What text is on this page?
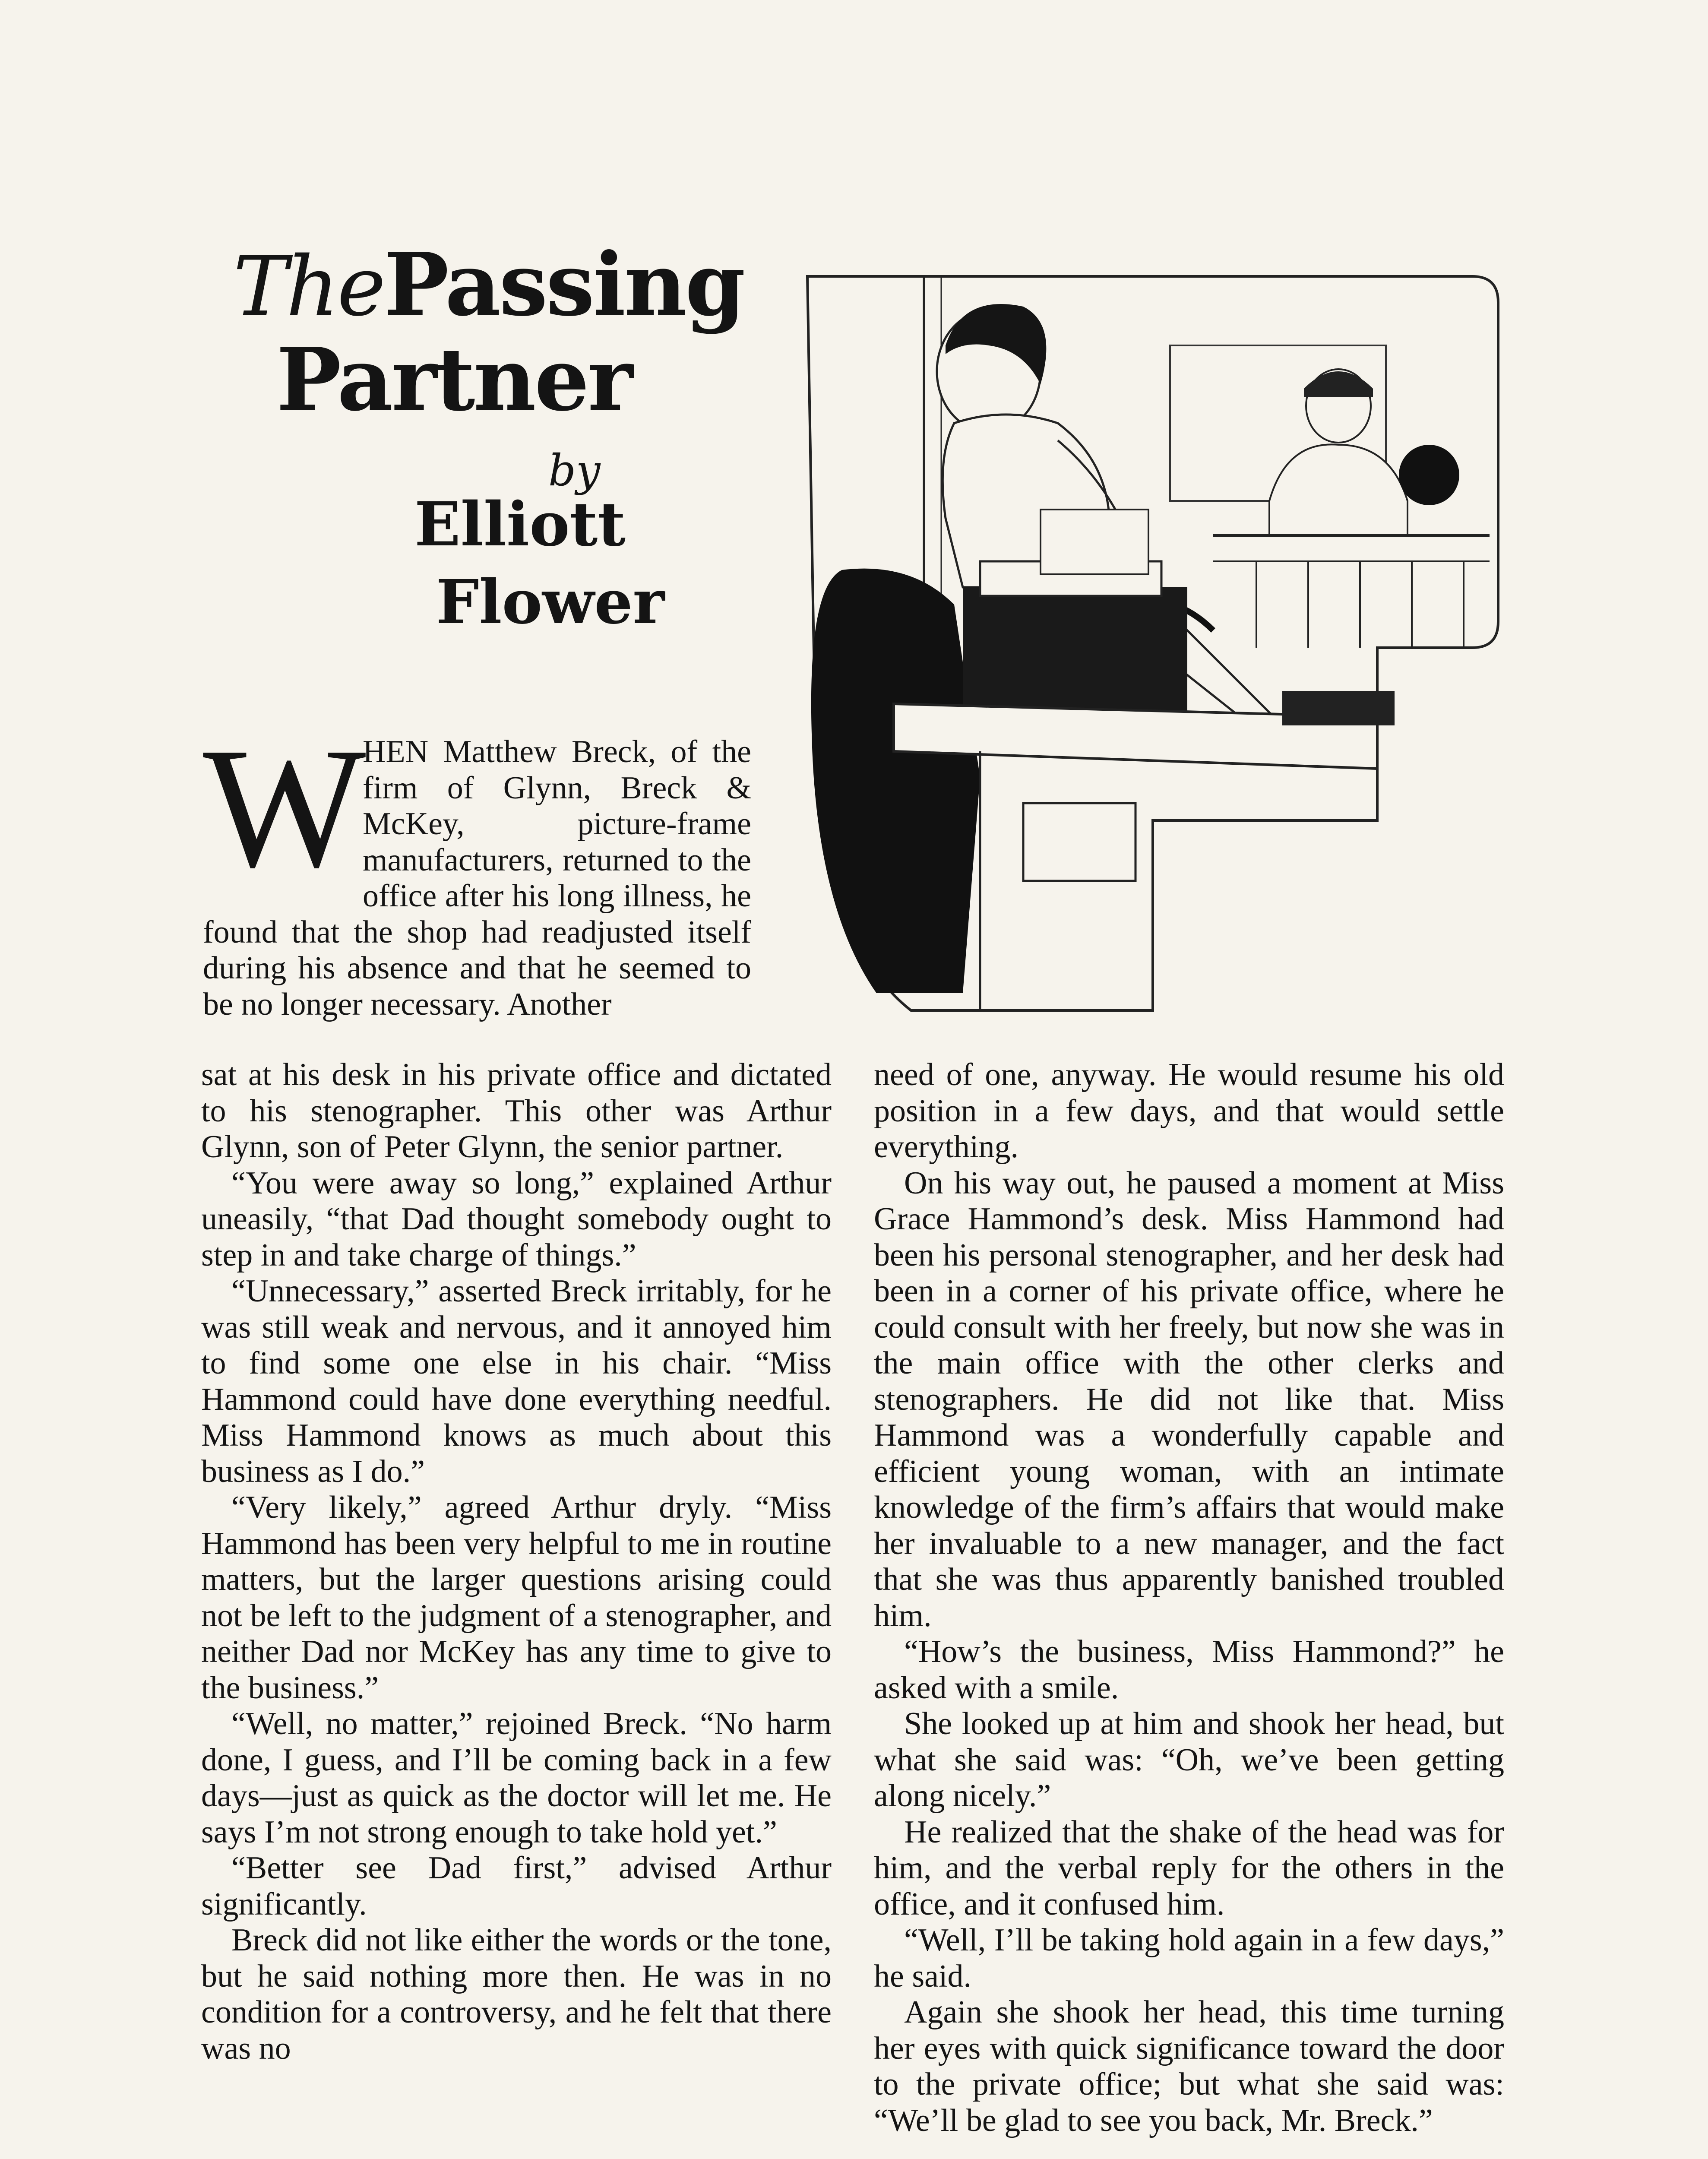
ThePassing
Partner
by
Elliott
Flower

W
HEN Matthew Breck, of the firm of Glynn, Breck & McKey, picture-frame manufacturers, returned to the office after his long illness, he found that the shop had readjusted itself during his absence and that he seemed to be no longer necessary. Another

sat at his desk in his private office and dictated to his stenographer. This other was Arthur Glynn, son of Peter Glynn, the senior partner.

“You were away so long,” explained Arthur uneasily, “that Dad thought somebody ought to step in and take charge of things.”

“Unnecessary,” asserted Breck irritably, for he was still weak and nervous, and it annoyed him to find some one else in his chair. “Miss Hammond could have done everything needful. Miss Hammond knows as much about this business as I do.”

“Very likely,” agreed Arthur dryly. “Miss Hammond has been very helpful to me in routine matters, but the larger questions arising could not be left to the judgment of a stenographer, and neither Dad nor McKey has any time to give to the business.”

“Well, no matter,” rejoined Breck. “No harm done, I guess, and I’ll be coming back in a few days—just as quick as the doctor will let me. He says I’m not strong enough to take hold yet.”

“Better see Dad first,” advised Arthur significantly.

Breck did not like either the words or the tone, but he said nothing more then. He was in no condition for a controversy, and he felt that there was no

need of one, anyway. He would resume his old position in a few days, and that would settle everything.

On his way out, he paused a moment at Miss Grace Hammond’s desk. Miss Hammond had been his personal stenographer, and her desk had been in a corner of his private office, where he could consult with her freely, but now she was in the main office with the other clerks and stenographers. He did not like that. Miss Hammond was a wonderfully capable and efficient young woman, with an intimate knowledge of the firm’s affairs that would make her invaluable to a new manager, and the fact that she was thus apparently banished troubled him.

“How’s the business, Miss Hammond?” he asked with a smile.

She looked up at him and shook her head, but what she said was: “Oh, we’ve been getting along nicely.”

He realized that the shake of the head was for him, and the verbal reply for the others in the office, and it confused him.

“Well, I’ll be taking hold again in a few days,” he said.

Again she shook her head, this time turning her eyes with quick significance toward the door to the private office; but what she said was: “We’ll be glad to see you back, Mr. Breck.”
